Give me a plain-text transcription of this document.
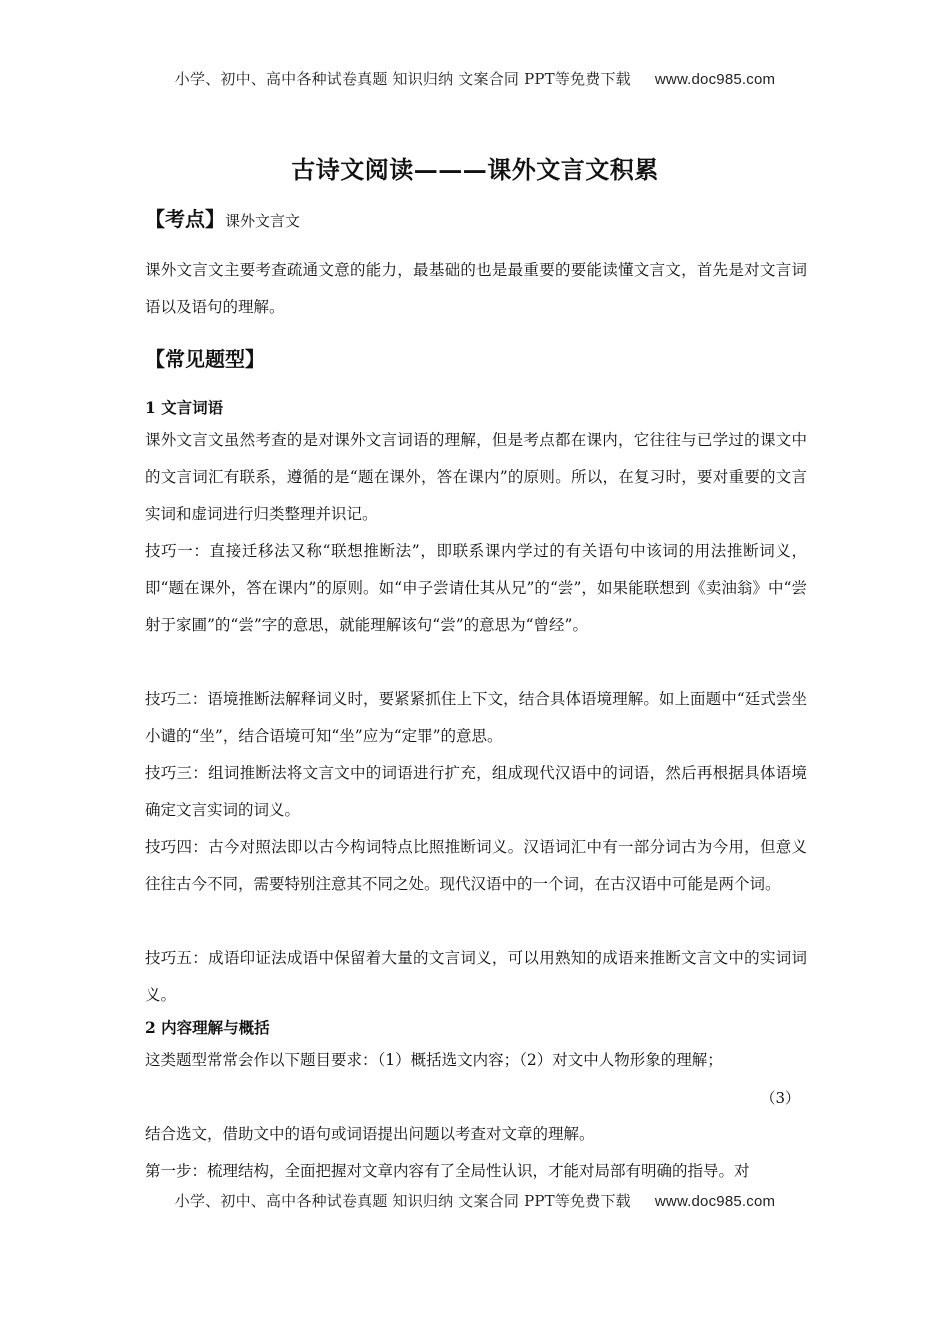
小学、初中、高中各种试卷真题 知识归纳 文案合同 PPT等免费下载 www.doc985.com
古诗文阅读———课外文言文积累
【考点】课外文言文
课外文言文主要考查疏通文意的能力，最基础的也是最重要的要能读懂文言文，首先是对文言词语以及语句的理解。
【常见题型】
1 文言词语
课外文言文虽然考查的是对课外文言词语的理解，但是考点都在课内，它往往与已学过的课文中的文言词汇有联系，遵循的是“题在课外，答在课内”的原则。所以，在复习时，要对重要的文言实词和虚词进行归类整理并识记。
技巧一：直接迁移法又称“联想推断法”，即联系课内学过的有关语句中该词的用法推断词义，即“题在课外，答在课内”的原则。如“申子尝请仕其从兄”的“尝”，如果能联想到《卖油翁》中“尝射于家圃”的“尝”字的意思，就能理解该句“尝”的意思为“曾经”。
技巧二：语境推断法解释词义时，要紧紧抓住上下文，结合具体语境理解。如上面题中“廷式尝坐小谴的“坐”，结合语境可知“坐”应为“定罪”的意思。
技巧三：组词推断法将文言文中的词语进行扩充，组成现代汉语中的词语，然后再根据具体语境确定文言实词的词义。
技巧四：古今对照法即以古今构词特点比照推断词义。汉语词汇中有一部分词古为今用，但意义往往古今不同，需要特别注意其不同之处。现代汉语中的一个词，在古汉语中可能是两个词。
技巧五：成语印证法成语中保留着大量的文言词义，可以用熟知的成语来推断文言文中的实词词义。
2 内容理解与概括
这类题型常常会作以下题目要求：（1）概括选文内容；（2）对文中人物形象的理解；
（3）
结合选文，借助文中的语句或词语提出问题以考查对文章的理解。
第一步：梳理结构，全面把握对文章内容有了全局性认识，才能对局部有明确的指导。对
小学、初中、高中各种试卷真题 知识归纳 文案合同 PPT等免费下载 www.doc985.com
